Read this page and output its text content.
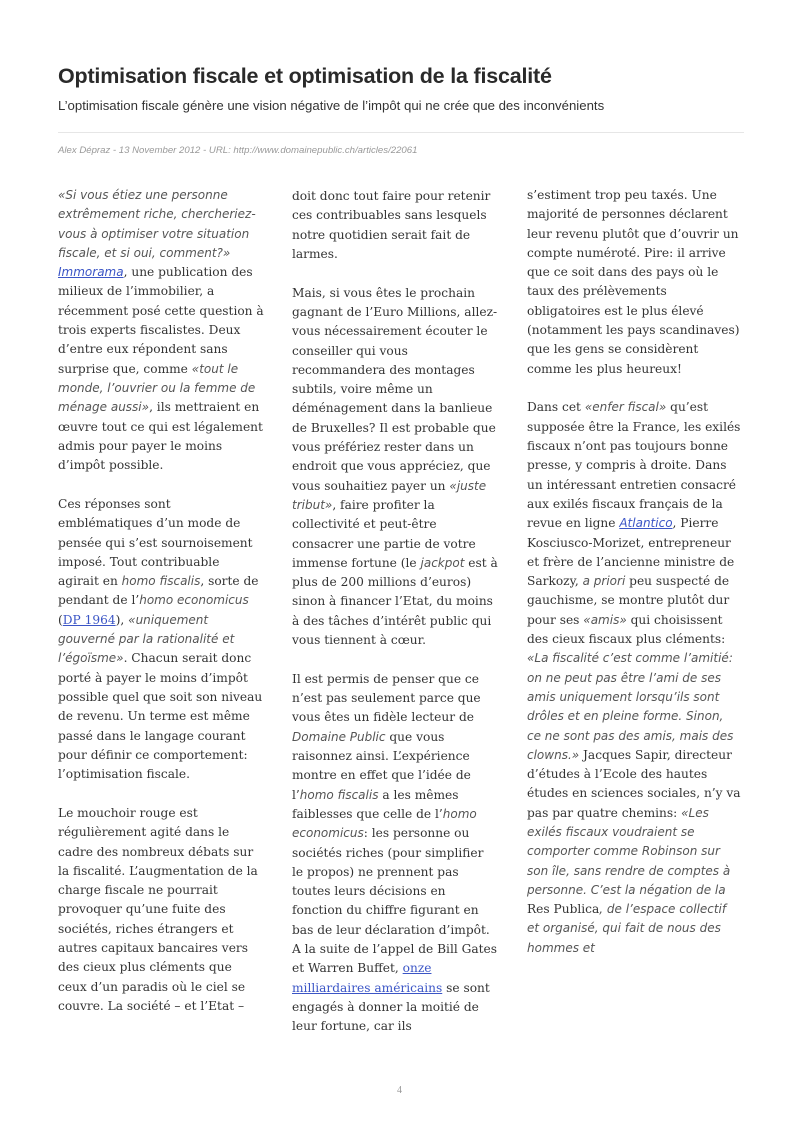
Optimisation fiscale et optimisation de la fiscalité

L’optimisation fiscale génère une vision négative de l’impôt qui ne crée que des inconvénients

Alex Dépraz - 13 November 2012 - URL: http://www.domainepublic.ch/articles/22061

«Si vous étiez une personne extrêmement riche, chercheriez-vous à optimiser votre situation fiscale, et si oui, comment?» Immorama, une publication des milieux de l’immobilier, a récemment posé cette question à trois experts fiscalistes. Deux d’entre eux répondent sans surprise que, comme «tout le monde, l’ouvrier ou la femme de ménage aussi», ils mettraient en œuvre tout ce qui est légalement admis pour payer le moins d’impôt possible.

Ces réponses sont emblématiques d’un mode de pensée qui s’est sournoisement imposé. Tout contribuable agirait en homo fiscalis, sorte de pendant de l’homo economicus (DP 1964), «uniquement gouverné par la rationalité et l’égoïsme». Chacun serait donc porté à payer le moins d’impôt possible quel que soit son niveau de revenu. Un terme est même passé dans le langage courant pour définir ce comportement: l’optimisation fiscale.

Le mouchoir rouge est régulièrement agité dans le cadre des nombreux débats sur la fiscalité. L’augmentation de la charge fiscale ne pourrait provoquer qu’une fuite des sociétés, riches étrangers et autres capitaux bancaires vers des cieux plus cléments que ceux d’un paradis où le ciel se couvre. La société – et l’Etat –

doit donc tout faire pour retenir ces contribuables sans lesquels notre quotidien serait fait de larmes.

Mais, si vous êtes le prochain gagnant de l’Euro Millions, allez-vous nécessairement écouter le conseiller qui vous recommandera des montages subtils, voire même un déménagement dans la banlieue de Bruxelles? Il est probable que vous préfériez rester dans un endroit que vous appréciez, que vous souhaitiez payer un «juste tribut», faire profiter la collectivité et peut-être consacrer une partie de votre immense fortune (le jackpot est à plus de 200 millions d’euros) sinon à financer l’Etat, du moins à des tâches d’intérêt public qui vous tiennent à cœur.

Il est permis de penser que ce n’est pas seulement parce que vous êtes un fidèle lecteur de Domaine Public que vous raisonnez ainsi. L’expérience montre en effet que l’idée de l’homo fiscalis a les mêmes faiblesses que celle de l’homo economicus: les personne ou sociétés riches (pour simplifier le propos) ne prennent pas toutes leurs décisions en fonction du chiffre figurant en bas de leur déclaration d’impôt. A la suite de l’appel de Bill Gates et Warren Buffet, onze milliardaires américains se sont engagés à donner la moitié de leur fortune, car ils

s’estiment trop peu taxés. Une majorité de personnes déclarent leur revenu plutôt que d’ouvrir un compte numéroté. Pire: il arrive que ce soit dans des pays où le taux des prélèvements obligatoires est le plus élevé (notamment les pays scandinaves) que les gens se considèrent comme les plus heureux!

Dans cet «enfer fiscal» qu’est supposée être la France, les exilés fiscaux n’ont pas toujours bonne presse, y compris à droite. Dans un intéressant entretien consacré aux exilés fiscaux français de la revue en ligne Atlantico, Pierre Kosciusco-Morizet, entrepreneur et frère de l’ancienne ministre de Sarkozy, a priori peu suspecté de gauchisme, se montre plutôt dur pour ses «amis» qui choisissent des cieux fiscaux plus cléments: «La fiscalité c’est comme l’amitié: on ne peut pas être l’ami de ses amis uniquement lorsqu’ils sont drôles et en pleine forme. Sinon, ce ne sont pas des amis, mais des clowns.» Jacques Sapir, directeur d’études à l’Ecole des hautes études en sciences sociales, n’y va pas par quatre chemins: «Les exilés fiscaux voudraient se comporter comme Robinson sur son île, sans rendre de comptes à personne. C’est la négation de la Res Publica, de l’espace collectif et organisé, qui fait de nous des hommes et

4
